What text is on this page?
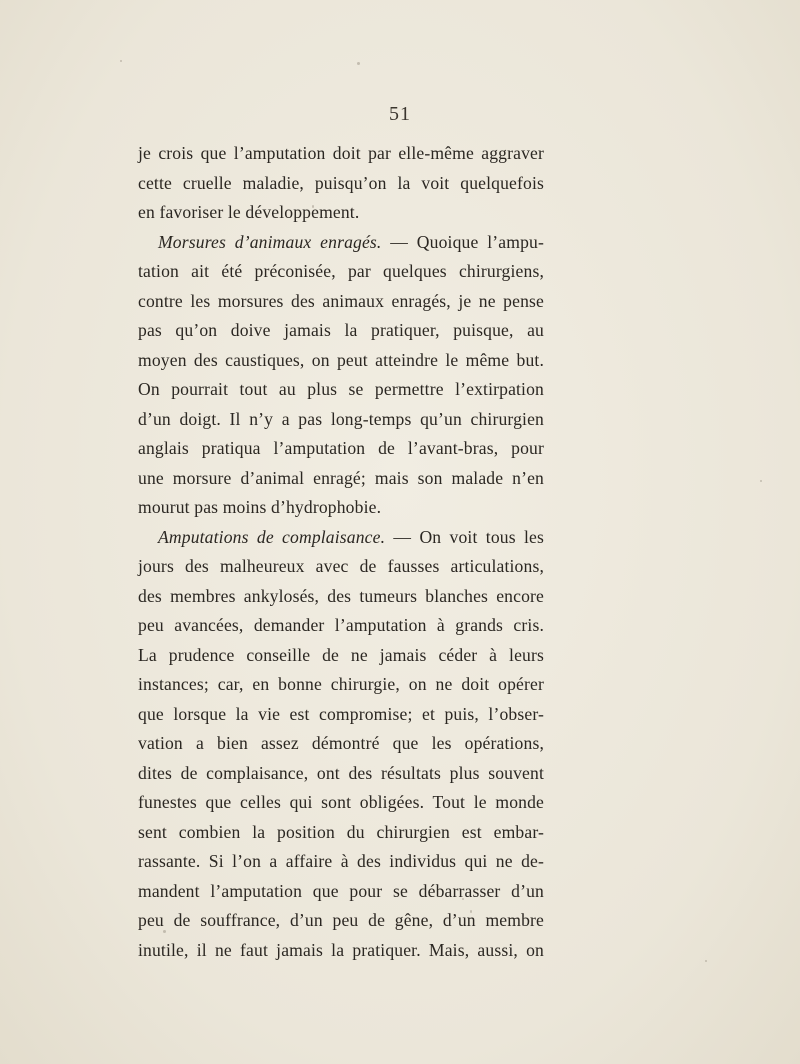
51
je crois que l’amputation doit par elle-même aggraver
cette cruelle maladie, puisqu’on la voit quelquefois
en favoriser le développement.
Morsures d’animaux enragés. — Quoique l’ampu-
tation ait été préconisée, par quelques chirurgiens,
contre les morsures des animaux enragés, je ne pense
pas qu’on doive jamais la pratiquer, puisque, au
moyen des caustiques, on peut atteindre le même but.
On pourrait tout au plus se permettre l’extirpation
d’un doigt. Il n’y a pas long-temps qu’un chirurgien
anglais pratiqua l’amputation de l’avant-bras, pour
une morsure d’animal enragé; mais son malade n’en
mourut pas moins d’hydrophobie.
Amputations de complaisance. — On voit tous les
jours des malheureux avec de fausses articulations,
des membres ankylosés, des tumeurs blanches encore
peu avancées, demander l’amputation à grands cris.
La prudence conseille de ne jamais céder à leurs
instances; car, en bonne chirurgie, on ne doit opérer
que lorsque la vie est compromise; et puis, l’obser-
vation a bien assez démontré que les opérations,
dites de complaisance, ont des résultats plus souvent
funestes que celles qui sont obligées. Tout le monde
sent combien la position du chirurgien est embar-
rassante. Si l’on a affaire à des individus qui ne de-
mandent l’amputation que pour se débarrasser d’un
peu de souffrance, d’un peu de gêne, d’un membre
inutile, il ne faut jamais la pratiquer. Mais, aussi, on
